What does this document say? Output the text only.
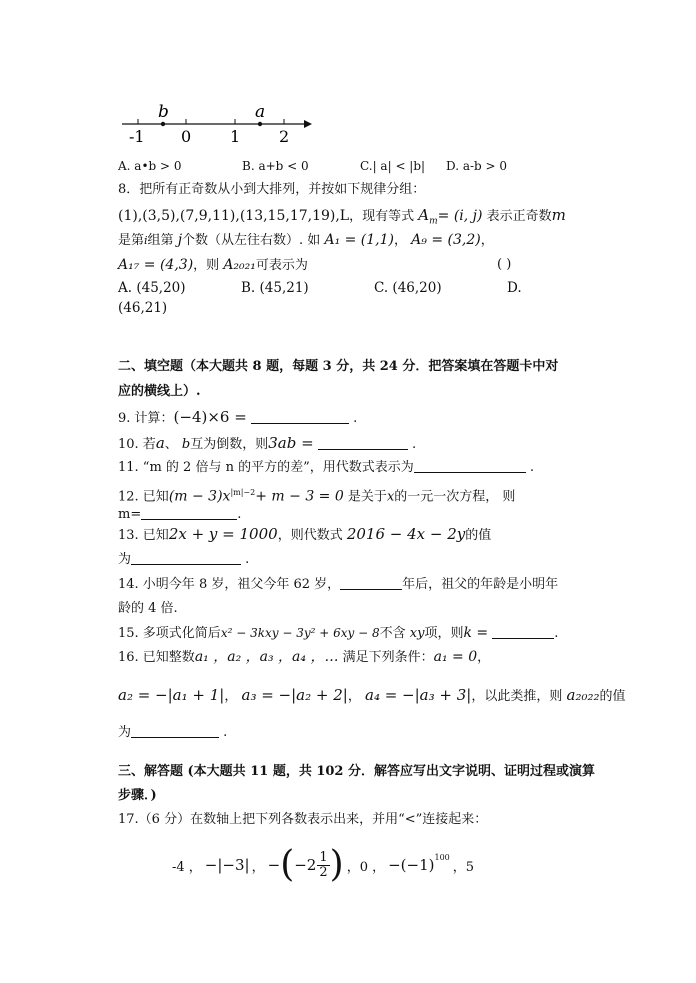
b	a
-1 0 1 2
A. a•b > 0	B. a+b < 0	C.| a| < |b| D. a-b > 0
8．把所有正奇数从小到大排列，并按如下规律分组：
(1),(3,5),(7,9,11),(13,15,17,19),L，现有等式 $A_m= (i$, j) 表示正奇数m
是第i组第 j个数（从左往右数）. 如 A₁ = (1,1)， A₉ = (3,2)，
A₁₇ = (4,3)，则 A₂₀₂₁可表示为	( )
A. (45,20)	B. (45,21)	C. (46,20)	D.
(46,21)
二、填空题（本大题共 8 题，每题 3 分，共 24 分．把答案填在答题卡中对
应的横线上）.
9. 计算：(−4)×6 =	.
10. 若a、 b互为倒数，则3ab =	.
11. “m 的 2 倍与 n 的平方的差”，用代数式表示为	.
12. 已知$(m - 3)x^{|m|-2}+ m - 3 = 0$ 是关于x的一元一次方程， 则
m=	.
13. 已知2x + y = 1000，则代数式 2016 − 4x − 2y的值
为	.
14. 小明今年 8 岁，祖父今年 62 岁，	年后，祖父的年龄是小明年
龄的 4 倍.
15. 多项式化简后x² − 3kxy − 3y² + 6xy − 8不含 xy项，则k =	.
16. 已知整数a₁ ，a₂ ，a₃ ，a₄ ，… 满足下列条件：a₁ = 0，
a₂ = −|a₁ + 1|， a₃ = −|a₂ + 2|， a₄ = −|a₃ + 3|，以此类推，则 a₂₀₂₂的值
为	.
三、解答题 (本大题共 11 题，共 102 分．解答应写出文字说明、证明过程或演算
步骤．)
17.（6 分）在数轴上把下列各数表示出来，并用“<”连接起来：
-4 ， −|−3| ， − ( $-2 \frac{1}{2}$ ) ，0 ， $-(-1)^{100}$
，5
